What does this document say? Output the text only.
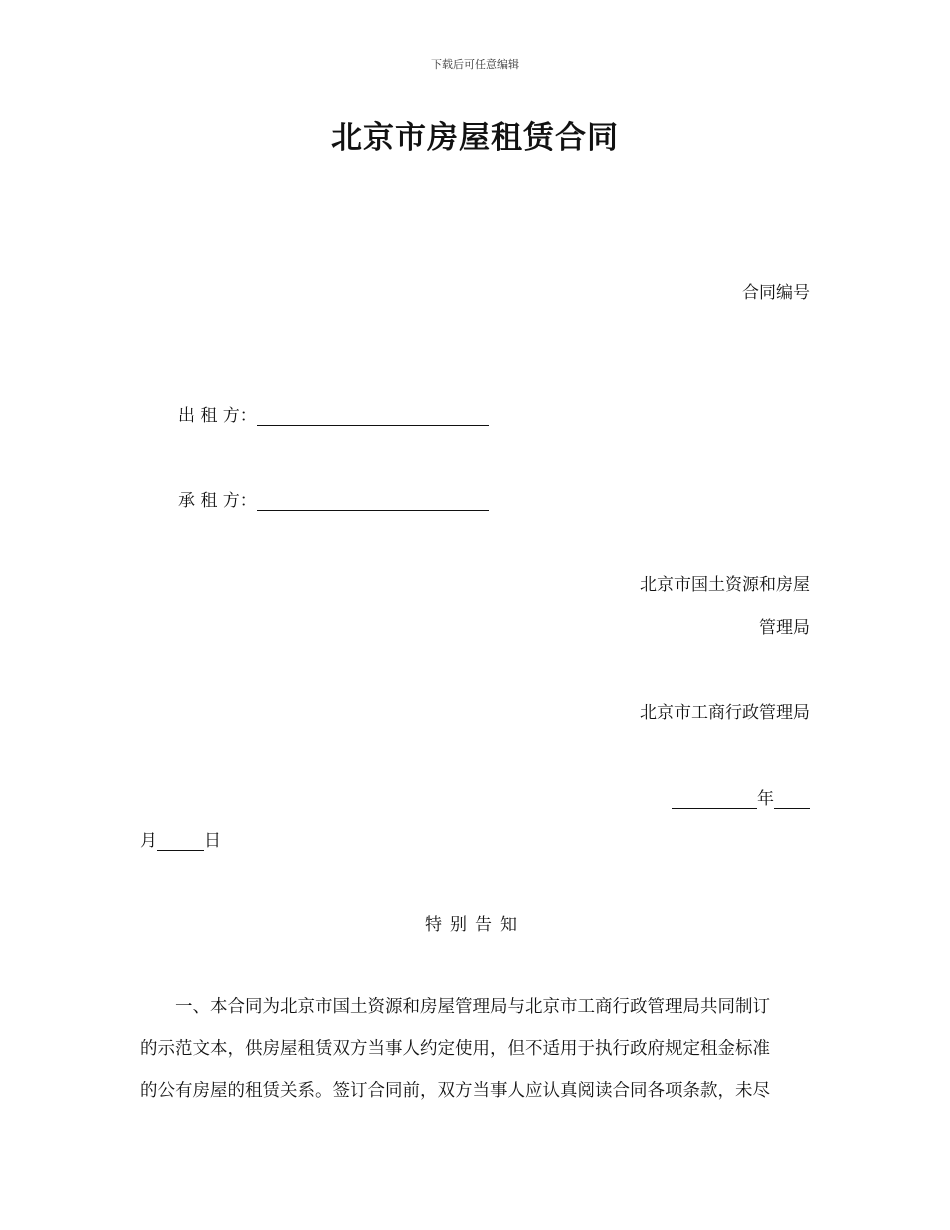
下载后可任意编辑
北京市房屋租赁合同
合同编号
出 租 方：
承 租 方：
北京市国土资源和房屋
管理局
北京市工商行政管理局
年
月	日
特别告知
一、本合同为北京市国土资源和房屋管理局与北京市工商行政管理局共同制订
的示范文本，供房屋租赁双方当事人约定使用，但不适用于执行政府规定租金标准
的公有房屋的租赁关系。签订合同前，双方当事人应认真阅读合同各项条款，未尽
